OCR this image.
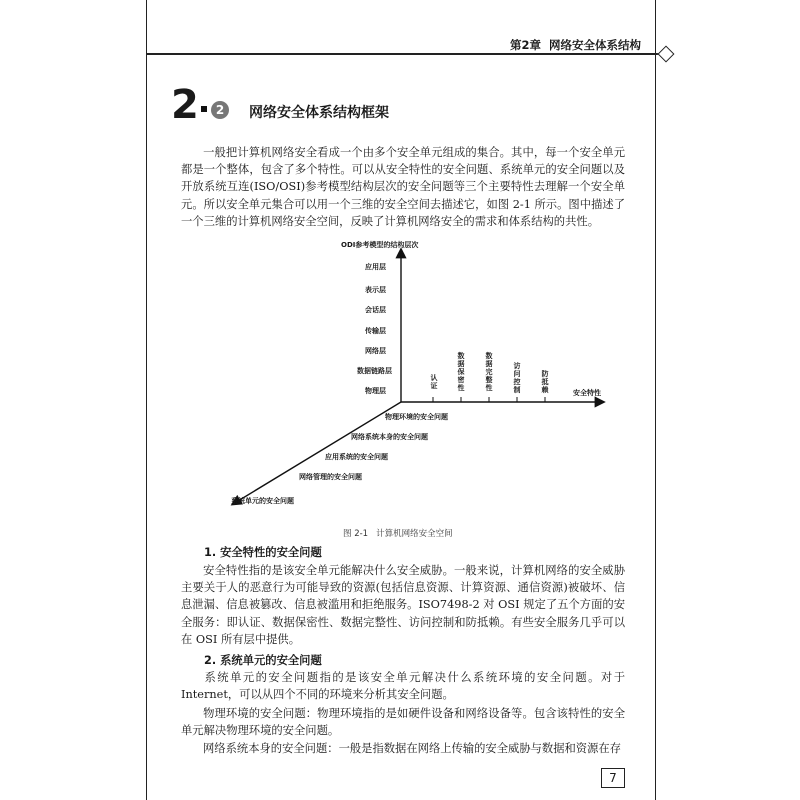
第2章 网络安全体系结构
2	2	网络安全体系结构框架

一般把计算机网络安全看成一个由多个安全单元组成的集合。其中，每一个安全单元都是一个整体，包含了多个特性。可以从安全特性的安全问题、系统单元的安全问题以及开放系统互连(ISO/OSI)参考模型结构层次的安全问题等三个主要特性去理解一个安全单元。所以安全单元集合可以用一个三维的安全空间去描述它，如图 2-1 所示。图中描述了一个三维的计算机网络安全空间，反映了计算机网络安全的需求和体系结构的共性。

ODI参考模型的结构层次
应用层
表示层
会话层
传输层
网络层
数据链路层
物理层
认证
数据保密性
数据完整性
访问控制
防抵赖	安全特性
物理环境的安全问题
网络系统本身的安全问题
应用系统的安全问题
网络管理的安全问题
系统单元的安全问题
图 2-1 计算机网络安全空间

1. 安全特性的安全问题

安全特性指的是该安全单元能解决什么安全威胁。一般来说，计算机网络的安全威胁主要关于人的恶意行为可能导致的资源(包括信息资源、计算资源、通信资源)被破坏、信息泄漏、信息被篡改、信息被滥用和拒绝服务。ISO7498-2 对 OSI 规定了五个方面的安全服务：即认证、数据保密性、数据完整性、访问控制和防抵赖。有些安全服务几乎可以在 OSI 所有层中提供。

2. 系统单元的安全问题

系统单元的安全问题指的是该安全单元解决什么系统环境的安全问题。对于Internet，可以从四个不同的环境来分析其安全问题。

物理环境的安全问题：物理环境指的是如硬件设备和网络设备等。包含该特性的安全单元解决物理环境的安全问题。

网络系统本身的安全问题：一般是指数据在网络上传输的安全威胁与数据和资源在存

7
